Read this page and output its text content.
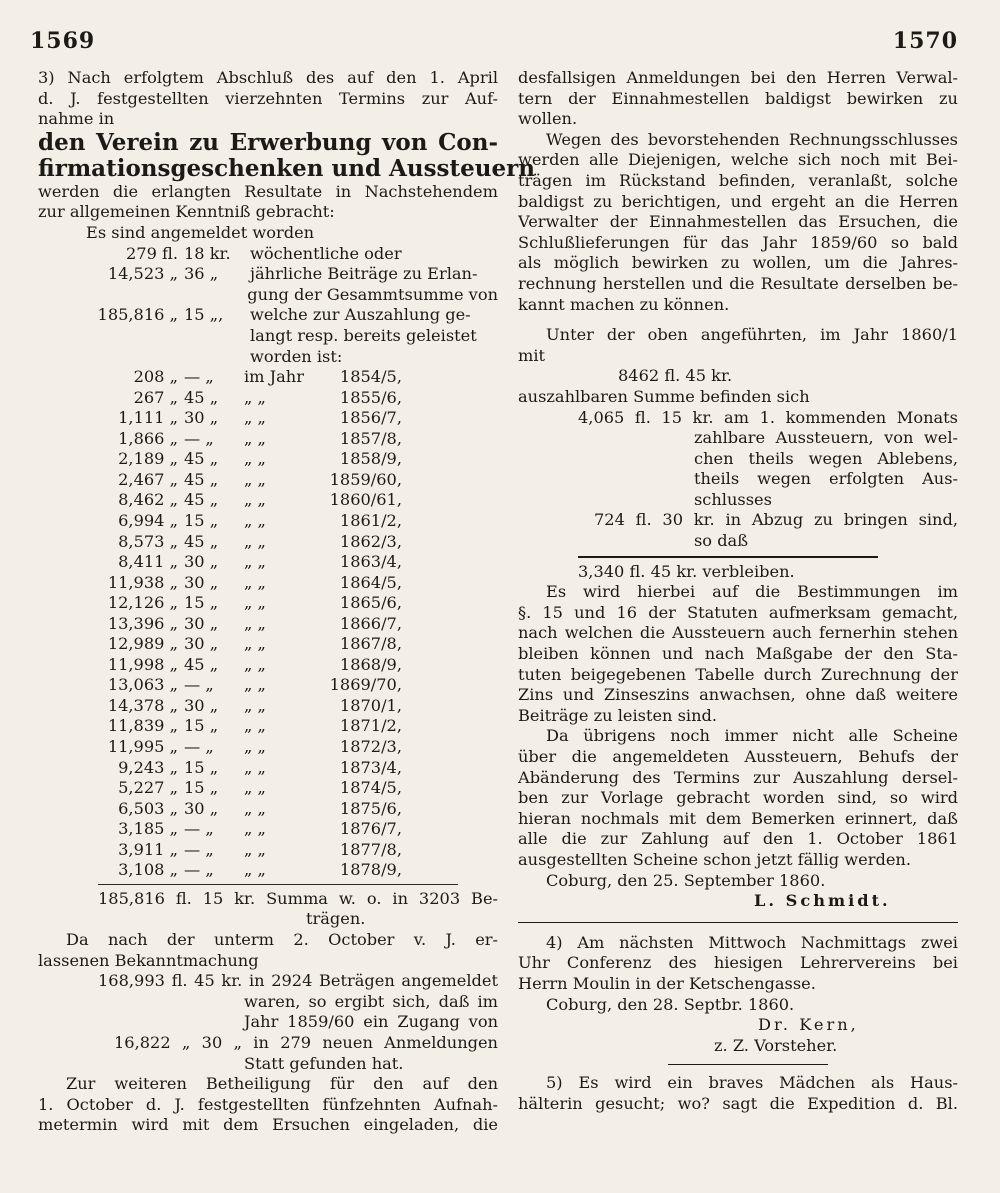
1569	1570
3) Nach erfolgtem Abschluß des auf den 1. April
d. J. festgestellten vierzehnten Termins zur Auf-
nahme in
den Verein zu Erwerbung von Con-
firmationsgeschenken und Aussteuern
werden die erlangten Resultate in Nachstehendem
zur allgemeinen Kenntniß gebracht:
Es sind angemeldet worden
279 fl. 18 kr.	wöchentliche oder
14,523 „ 36 „	jährliche Beiträge zu Erlan-
gung der Gesammtsumme von
185,816 „ 15 „,	welche zur Auszahlung ge-
langt resp. bereits geleistet
worden ist:
208 „ — „	im Jahr	1854/5,
267 „ 45 „	„ „	1855/6,
1,111 „ 30 „	„ „	1856/7,
1,866 „ — „	„ „	1857/8,
2,189 „ 45 „	„ „	1858/9,
2,467 „ 45 „	„ „	1859/60,
8,462 „ 45 „	„ „	1860/61,
6,994 „ 15 „	„ „	1861/2,
8,573 „ 45 „	„ „	1862/3,
8,411 „ 30 „	„ „	1863/4,
11,938 „ 30 „	„ „	1864/5,
12,126 „ 15 „	„ „	1865/6,
13,396 „ 30 „	„ „	1866/7,
12,989 „ 30 „	„ „	1867/8,
11,998 „ 45 „	„ „	1868/9,
13,063 „ — „	„ „	1869/70,
14,378 „ 30 „	„ „	1870/1,
11,839 „ 15 „	„ „	1871/2,
11,995 „ — „	„ „	1872/3,
9,243 „ 15 „	„ „	1873/4,
5,227 „ 15 „	„ „	1874/5,
6,503 „ 30 „	„ „	1875/6,
3,185 „ — „	„ „	1876/7,
3,911 „ — „	„ „	1877/8,
3,108 „ — „	„ „	1878/9,
185,816 fl. 15 kr. Summa w. o. in 3203 Be-
trägen.
Da nach der unterm 2. October v. J. er-
lassenen Bekanntmachung
168,993 fl. 45 kr. in 2924 Beträgen angemeldet
waren, so ergibt sich, daß im
Jahr 1859/60 ein Zugang von
16,822 „ 30 „ in 279 neuen Anmeldungen
Statt gefunden hat.
Zur weiteren Betheiligung für den auf den
1. October d. J. festgestellten fünfzehnten Aufnah-
metermin wird mit dem Ersuchen eingeladen, die
desfallsigen Anmeldungen bei den Herren Verwal-
tern der Einnahmestellen baldigst bewirken zu
wollen.
Wegen des bevorstehenden Rechnungsschlusses
werden alle Diejenigen, welche sich noch mit Bei-
trägen im Rückstand befinden, veranlaßt, solche
baldigst zu berichtigen, und ergeht an die Herren
Verwalter der Einnahmestellen das Ersuchen, die
Schlußlieferungen für das Jahr 1859/60 so bald
als möglich bewirken zu wollen, um die Jahres-
rechnung herstellen und die Resultate derselben be-
kannt machen zu können.
Unter der oben angeführten, im Jahr 1860/1
mit
8462 fl. 45 kr.
auszahlbaren Summe befinden sich
4,065 fl. 15 kr. am 1. kommenden Monats
zahlbare Aussteuern, von wel-
chen theils wegen Ablebens,
theils wegen erfolgten Aus-
schlusses
724 fl. 30 kr. in Abzug zu bringen sind,
so daß
3,340 fl. 45 kr. verbleiben.
Es wird hierbei auf die Bestimmungen im
§. 15 und 16 der Statuten aufmerksam gemacht,
nach welchen die Aussteuern auch fernerhin stehen
bleiben können und nach Maßgabe der den Sta-
tuten beigegebenen Tabelle durch Zurechnung der
Zins und Zinseszins anwachsen, ohne daß weitere
Beiträge zu leisten sind.
Da übrigens noch immer nicht alle Scheine
über die angemeldeten Aussteuern, Behufs der
Abänderung des Termins zur Auszahlung dersel-
ben zur Vorlage gebracht worden sind, so wird
hieran nochmals mit dem Bemerken erinnert, daß
alle die zur Zahlung auf den 1. October 1861
ausgestellten Scheine schon jetzt fällig werden.
Coburg, den 25. September 1860.
L. Schmidt.
4) Am nächsten Mittwoch Nachmittags zwei
Uhr Conferenz des hiesigen Lehrervereins bei
Herrn Moulin in der Ketschengasse.
Coburg, den 28. Septbr. 1860.
Dr. Kern,
z. Z. Vorsteher.
5) Es wird ein braves Mädchen als Haus-
hälterin gesucht; wo? sagt die Expedition d. Bl.
